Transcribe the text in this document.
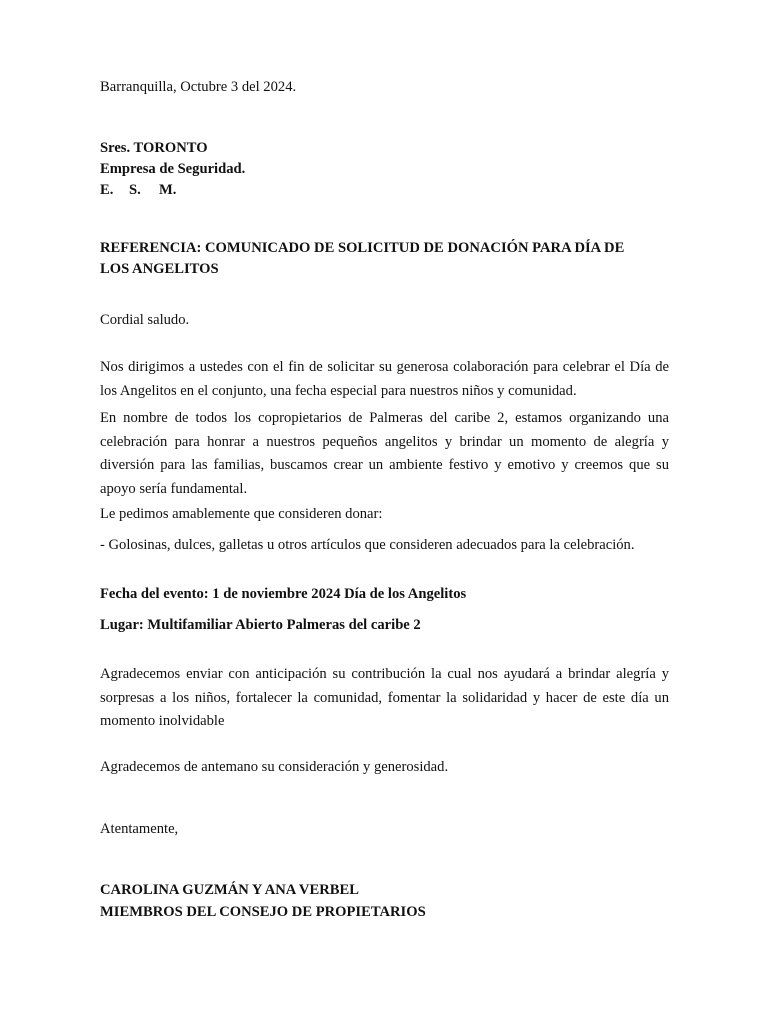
Barranquilla, Octubre 3 del 2024.
Sres. TORONTO
Empresa de Seguridad.
E. S. M.
REFERENCIA: COMUNICADO DE SOLICITUD DE DONACIÓN PARA DÍA DE
LOS ANGELITOS
Cordial saludo.
Nos dirigimos a ustedes con el fin de solicitar su generosa colaboración para celebrar el Día de los Angelitos en el conjunto, una fecha especial para nuestros niños y comunidad.
En nombre de todos los copropietarios de Palmeras del caribe 2, estamos organizando una celebración para honrar a nuestros pequeños angelitos y brindar un momento de alegría y diversión para las familias, buscamos crear un ambiente festivo y emotivo y creemos que su apoyo sería fundamental.
Le pedimos amablemente que consideren donar:
- Golosinas, dulces, galletas u otros artículos que consideren adecuados para la celebración.
Fecha del evento: 1 de noviembre 2024 Día de los Angelitos
Lugar: Multifamiliar Abierto Palmeras del caribe 2
Agradecemos enviar con anticipación su contribución la cual nos ayudará a brindar alegría y sorpresas a los niños, fortalecer la comunidad, fomentar la solidaridad y hacer de este día un momento inolvidable
Agradecemos de antemano su consideración y generosidad.
Atentamente,
CAROLINA GUZMÁN Y ANA VERBEL
MIEMBROS DEL CONSEJO DE PROPIETARIOS
